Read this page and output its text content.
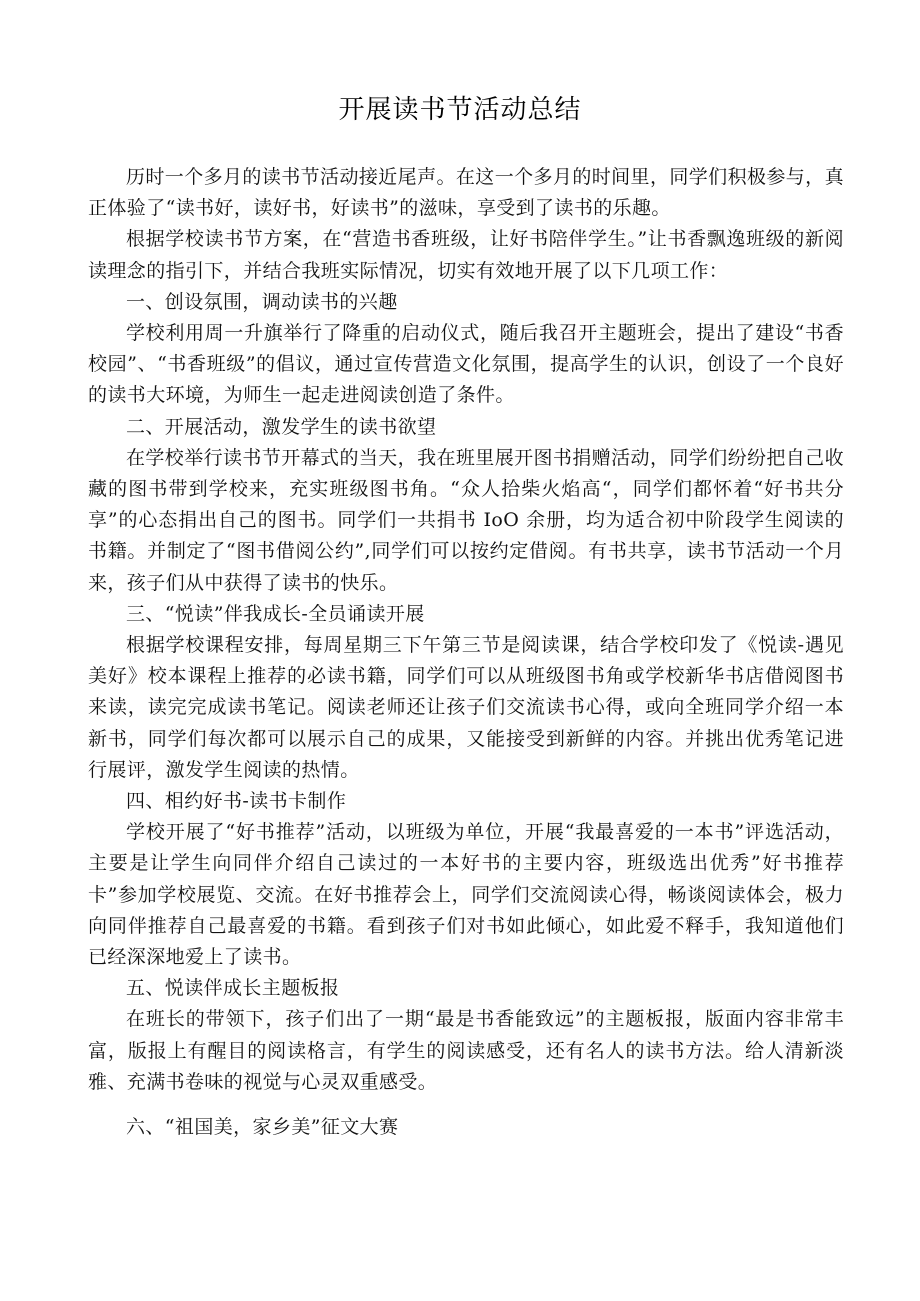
开展读书节活动总结

历时一个多月的读书节活动接近尾声。在这一个多月的时间里，同学们积极参与，真正体验了“读书好，读好书，好读书”的滋味，享受到了读书的乐趣。

根据学校读书节方案，在“营造书香班级，让好书陪伴学生。”让书香飘逸班级的新阅读理念的指引下，并结合我班实际情况，切实有效地开展了以下几项工作：

一、创设氛围，调动读书的兴趣

学校利用周一升旗举行了降重的启动仪式，随后我召开主题班会，提出了建设“书香校园”、“书香班级”的倡议，通过宣传营造文化氛围，提高学生的认识，创设了一个良好的读书大环境，为师生一起走进阅读创造了条件。

二、开展活动，激发学生的读书欲望

在学校举行读书节开幕式的当天，我在班里展开图书捐赠活动，同学们纷纷把自己收藏的图书带到学校来，充实班级图书角。“众人拾柴火焰高“，同学们都怀着“好书共分享”的心态捐出自己的图书。同学们一共捐书 IoO 余册，均为适合初中阶段学生阅读的书籍。并制定了“图书借阅公约”,同学们可以按约定借阅。有书共享，读书节活动一个月来，孩子们从中获得了读书的快乐。

三、“悦读”伴我成长-全员诵读开展

根据学校课程安排，每周星期三下午第三节是阅读课，结合学校印发了《悦读-遇见美好》校本课程上推荐的必读书籍，同学们可以从班级图书角或学校新华书店借阅图书来读，读完完成读书笔记。阅读老师还让孩子们交流读书心得，或向全班同学介绍一本新书，同学们每次都可以展示自己的成果，又能接受到新鲜的内容。并挑出优秀笔记进行展评，激发学生阅读的热情。

四、相约好书-读书卡制作

学校开展了“好书推荐”活动，以班级为单位，开展“我最喜爱的一本书”评选活动，主要是让学生向同伴介绍自己读过的一本好书的主要内容，班级选出优秀”好书推荐卡”参加学校展览、交流。在好书推荐会上，同学们交流阅读心得，畅谈阅读体会，极力向同伴推荐自己最喜爱的书籍。看到孩子们对书如此倾心，如此爱不释手，我知道他们已经深深地爱上了读书。

五、悦读伴成长主题板报

在班长的带领下，孩子们出了一期“最是书香能致远”的主题板报，版面内容非常丰富，版报上有醒目的阅读格言，有学生的阅读感受，还有名人的读书方法。给人清新淡雅、充满书卷味的视觉与心灵双重感受。

六、“祖国美，家乡美”征文大赛
